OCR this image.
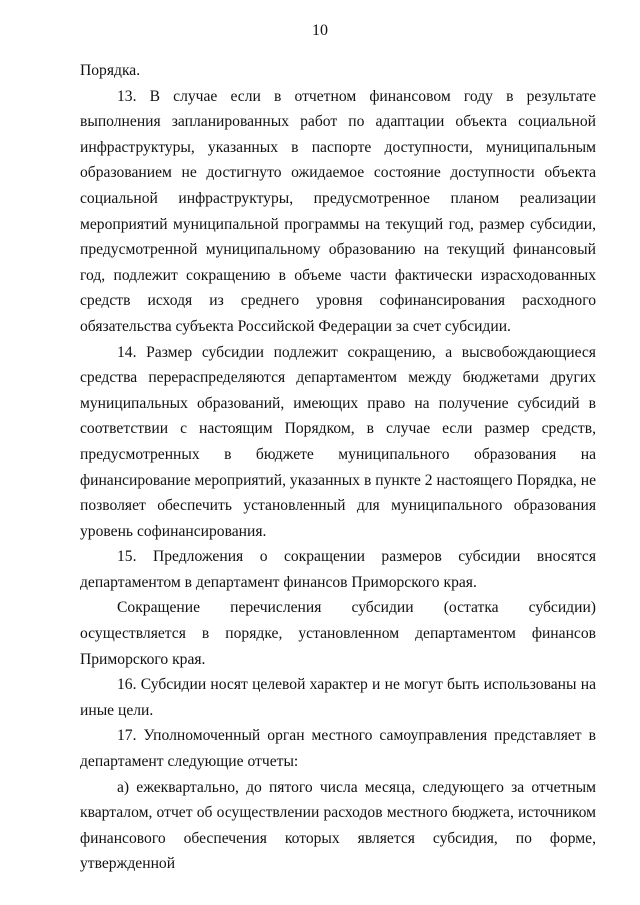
10

Порядка.

13. В случае если в отчетном финансовом году в результате выполнения запланированных работ по адаптации объекта социальной инфраструктуры, указанных в паспорте доступности, муниципальным образованием не достигнуто ожидаемое состояние доступности объекта социальной инфраструктуры, предусмотренное планом реализации мероприятий муниципальной программы на текущий год, размер субсидии, предусмотренной муниципальному образованию на текущий финансовый год, подлежит сокращению в объеме части фактически израсходованных средств исходя из среднего уровня софинансирования расходного обязательства субъекта Российской Федерации за счет субсидии.

14. Размер субсидии подлежит сокращению, а высвобождающиеся средства перераспределяются департаментом между бюджетами других муниципальных образований, имеющих право на получение субсидий в соответствии с настоящим Порядком, в случае если размер средств, предусмотренных в бюджете муниципального образования на финансирование мероприятий, указанных в пункте 2 настоящего Порядка, не позволяет обеспечить установленный для муниципального образования уровень софинансирования.

15. Предложения о сокращении размеров субсидии вносятся департаментом в департамент финансов Приморского края.

Сокращение перечисления субсидии (остатка субсидии) осуществляется в порядке, установленном департаментом финансов Приморского края.

16. Субсидии носят целевой характер и не могут быть использованы на иные цели.

17. Уполномоченный орган местного самоуправления представляет в департамент следующие отчеты:

а) ежеквартально, до пятого числа месяца, следующего за отчетным кварталом, отчет об осуществлении расходов местного бюджета, источником финансового обеспечения которых является субсидия, по форме, утвержденной
